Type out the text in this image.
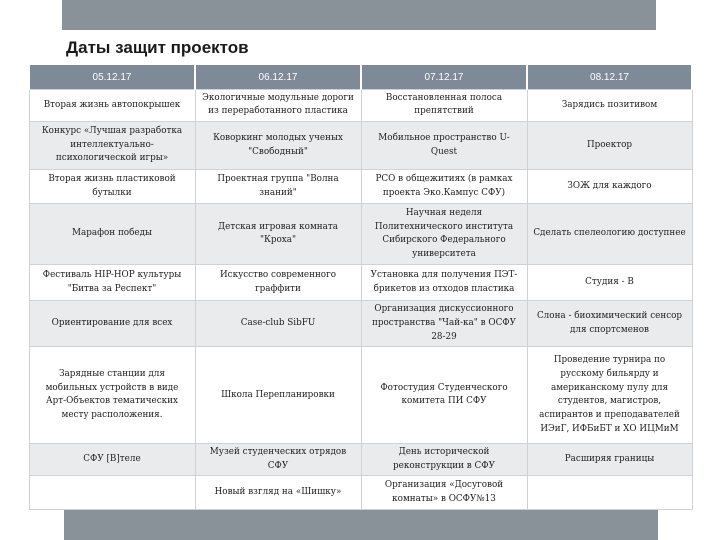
Даты защит проектов
05.12.17	06.12.17	07.12.17	08.12.17
Вторая жизнь автопокрышек	Экологичные модульные дороги из переработанного пластика	Восстановленная полоса препятствий	Зарядись позитивом
Конкурс «Лучшая разработка интеллектуально-психологической игры»	Коворкинг молодых ученых "Свободный"	Мобильное пространство U-Quest	Проектор
Вторая жизнь пластиковой бутылки	Проектная группа "Волна знаний"	РСО в общежитиях (в рамках проекта Эко.Кампус СФУ)	ЗОЖ для каждого
Марафон победы	Детская игровая комната "Кроха"	Научная неделя Политехнического института Сибирского Федерального университета	Сделать спелеологию доступнее
Фестиваль HIP-HOP культуры "Битва за Респект"	Искусство современного граффити	Установка для получения ПЭТ-брикетов из отходов пластика	Студия - В
Ориентирование для всех	Case-club SibFU	Организация дискуссионного пространства "Чай-ка" в ОСФУ 28-29	Слона - биохимический сенсор для спортсменов
Зарядные станции для мобильных устройств в виде Арт-Объектов тематических месту расположения.	Школа Перепланировки	Фотостудия Студенческого комитета ПИ СФУ	Проведение турнира по русскому бильярду и американскому пулу для студентов, магистров, аспирантов и преподавателей ИЭиГ, ИФБиБТ и ХО ИЦМиМ
СФУ [В]теле	Музей студенческих отрядов СФУ	День исторической реконструкции в СФУ	Расширяя границы
	Новый взгляд на «Шишку»	Организация «Досуговой комнаты» в ОСФУ№13	
